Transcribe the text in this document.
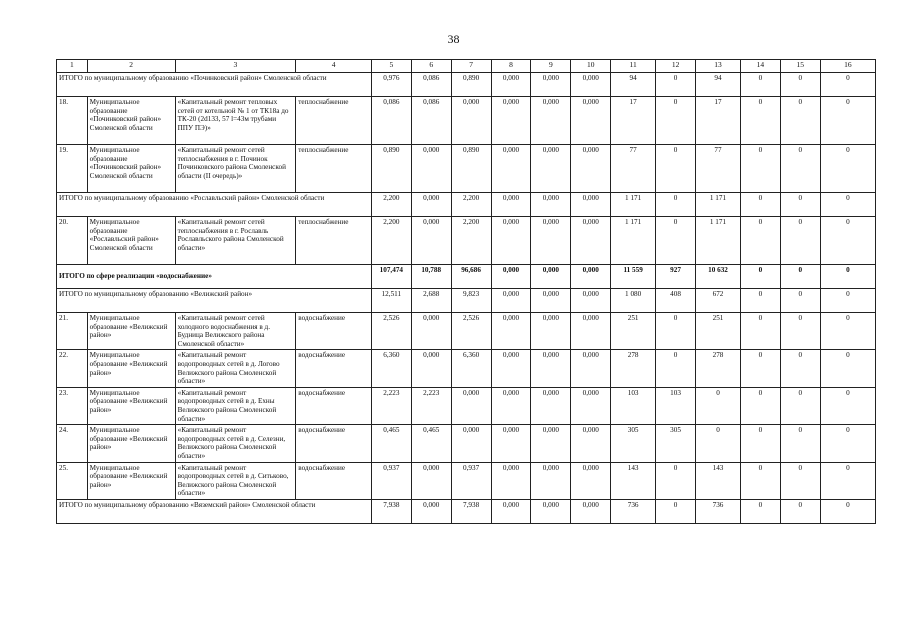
38
1	2	3	4	5	6	7	8	9	10	11	12	13	14	15	16
ИТОГО по муниципальному образованию «Починковский район» Смоленской области				0,976	0,086	0,890	0,000	0,000	0,000	94	0	94	0	0	0
18.	Муниципальное образование «Починковский район» Смоленской области	«Капитальный ремонт тепловых сетей от котельной № 1 от ТК18а до ТК-20 (2d133, 57 l=43м трубами ППУ ПЭ)»	теплоснабжение	0,086	0,086	0,000	0,000	0,000	0,000	17	0	17	0	0	0
19.	Муниципальное образование «Починковский район» Смоленской области	«Капитальный ремонт сетей теплоснабжения в г. Починок Починковского района Смоленской области (II очередь)»	теплоснабжение	0,890	0,000	0,890	0,000	0,000	0,000	77	0	77	0	0	0
ИТОГО по муниципальному образованию «Рославльский район» Смоленской области				2,200	0,000	2,200	0,000	0,000	0,000	1 171	0	1 171	0	0	0
20.	Муниципальное образование «Рославльский район» Смоленской области	«Капитальный ремонт сетей теплоснабжения в г. Рославль Рославльского района Смоленской области»	теплоснабжение	2,200	0,000	2,200	0,000	0,000	0,000	1 171	0	1 171	0	0	0
ИТОГО по сфере реализации «водоснабжение»				107,474	10,788	96,686	0,000	0,000	0,000	11 559	927	10 632	0	0	0
ИТОГО по муниципальному образованию «Велижский район»				12,511	2,688	9,823	0,000	0,000	0,000	1 080	408	672	0	0	0
21.	Муниципальное образование «Велижский район»	«Капитальный ремонт сетей холодного водоснабжения в д. Будница Велижского района Смоленской области»	водоснабжение	2,526	0,000	2,526	0,000	0,000	0,000	251	0	251	0	0	0
22.	Муниципальное образование «Велижский район»	«Капитальный ремонт водопроводных сетей в д. Логово Велижского района Смоленской области»	водоснабжение	6,360	0,000	6,360	0,000	0,000	0,000	278	0	278	0	0	0
23.	Муниципальное образование «Велижский район»	«Капитальный ремонт водопроводных сетей в д. Ехны Велижского района Смоленской области»	водоснабжение	2,223	2,223	0,000	0,000	0,000	0,000	103	103	0	0	0	0
24.	Муниципальное образование «Велижский район»	«Капитальный ремонт водопроводных сетей в д. Селезни, Велижского района Смоленской области»	водоснабжение	0,465	0,465	0,000	0,000	0,000	0,000	305	305	0	0	0	0
25.	Муниципальное образование «Велижский район»	«Капитальный ремонт водопроводных сетей в д. Ситьково, Велижского района Смоленской области»	водоснабжение	0,937	0,000	0,937	0,000	0,000	0,000	143	0	143	0	0	0
ИТОГО по муниципальному образованию «Вяземский район» Смоленской области				7,938	0,000	7,938	0,000	0,000	0,000	736	0	736	0	0	0
